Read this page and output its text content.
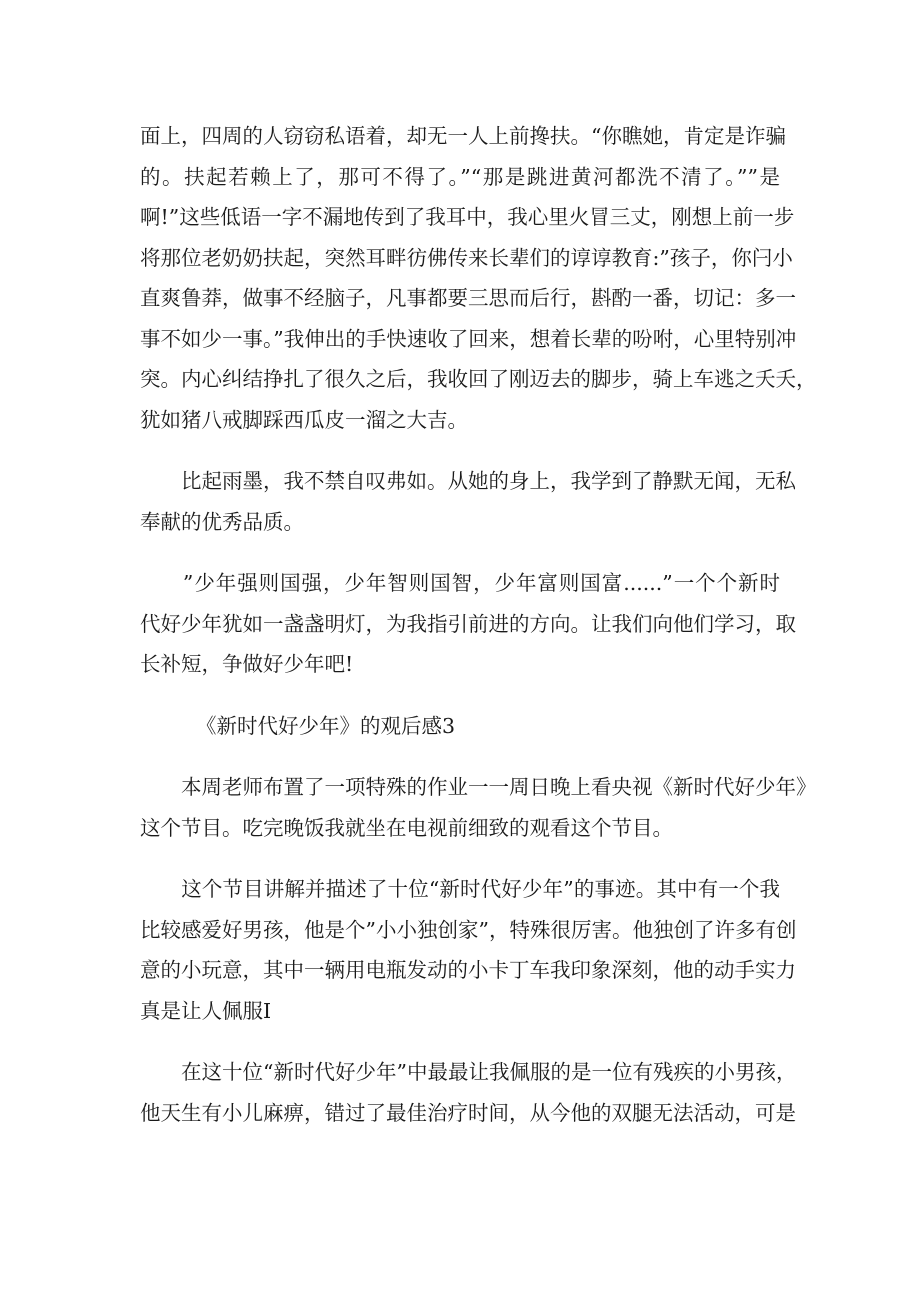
面上，四周的人窃窃私语着，却无一人上前搀扶。“你瞧她，肯定是诈骗
的。扶起若赖上了，那可不得了。”“那是跳进黄河都洗不清了。””是
啊!”这些低语一字不漏地传到了我耳中，我心里火冒三丈，刚想上前一步
将那位老奶奶扶起，突然耳畔彷佛传来长辈们的谆谆教育:”孩子，你闩小
直爽鲁莽，做事不经脑子，凡事都要三思而后行，斟酌一番，切记：多一
事不如少一事。”我伸出的手快速收了回来，想着长辈的吩咐，心里特别冲
突。内心纠结挣扎了很久之后，我收回了刚迈去的脚步，骑上车逃之夭夭，
犹如猪八戒脚踩西瓜皮一溜之大吉。

　　比起雨墨，我不禁自叹弗如。从她的身上，我学到了静默无闻，无私
奉献的优秀品质。

　　”少年强则国强，少年智则国智，少年富则国富......”一个个新时
代好少年犹如一盏盏明灯，为我指引前进的方向。让我们向他们学习，取
长补短，争做好少年吧!

《新时代好少年》的观后感3

　　本周老师布置了一项特殊的作业一一周日晚上看央视《新时代好少年》
这个节目。吃完晚饭我就坐在电视前细致的观看这个节目。

　　这个节目讲解并描述了十位“新时代好少年”的事迹。其中有一个我
比较感爱好男孩，他是个”小小独创家”，特殊很厉害。他独创了许多有创
意的小玩意，其中一辆用电瓶发动的小卡丁车我印象深刻，他的动手实力
真是让人佩服I

　　在这十位“新时代好少年”中最最让我佩服的是一位有残疾的小男孩，
他天生有小儿麻痹，错过了最佳治疗时间，从今他的双腿无法活动，可是
